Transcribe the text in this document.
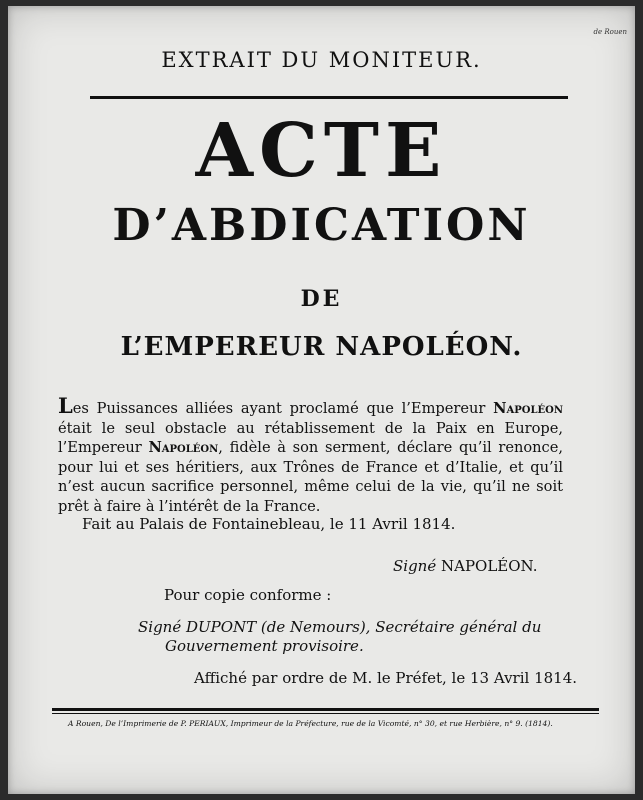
de Rouen
EXTRAIT DU MONITEUR.
ACTE
D’ABDICATION
DE
L’EMPEREUR NAPOLÉON.
Les Puissances alliées ayant proclamé que l’Empereur Napoléon était le seul obstacle au rétablissement de la Paix en Europe, l’Empereur Napoléon, fidèle à son serment, déclare qu’il renonce, pour lui et ses héritiers, aux Trônes de France et d’Italie, et qu’il n’est aucun sacrifice personnel, même celui de la vie, qu’il ne soit prêt à faire à l’intérêt de la France.
Fait au Palais de Fontainebleau, le 11 Avril 1814.
Signé NAPOLÉON.
Pour copie conforme :
Signé DUPONT (de Nemours), Secrétaire général du
Gouvernement provisoire.
Affiché par ordre de M. le Préfet, le 13 Avril 1814.
A Rouen, De l’Imprimerie de P. PERIAUX, Imprimeur de la Préfecture, rue de la Vicomté, n° 30, et rue Herbière, n° 9. (1814).
